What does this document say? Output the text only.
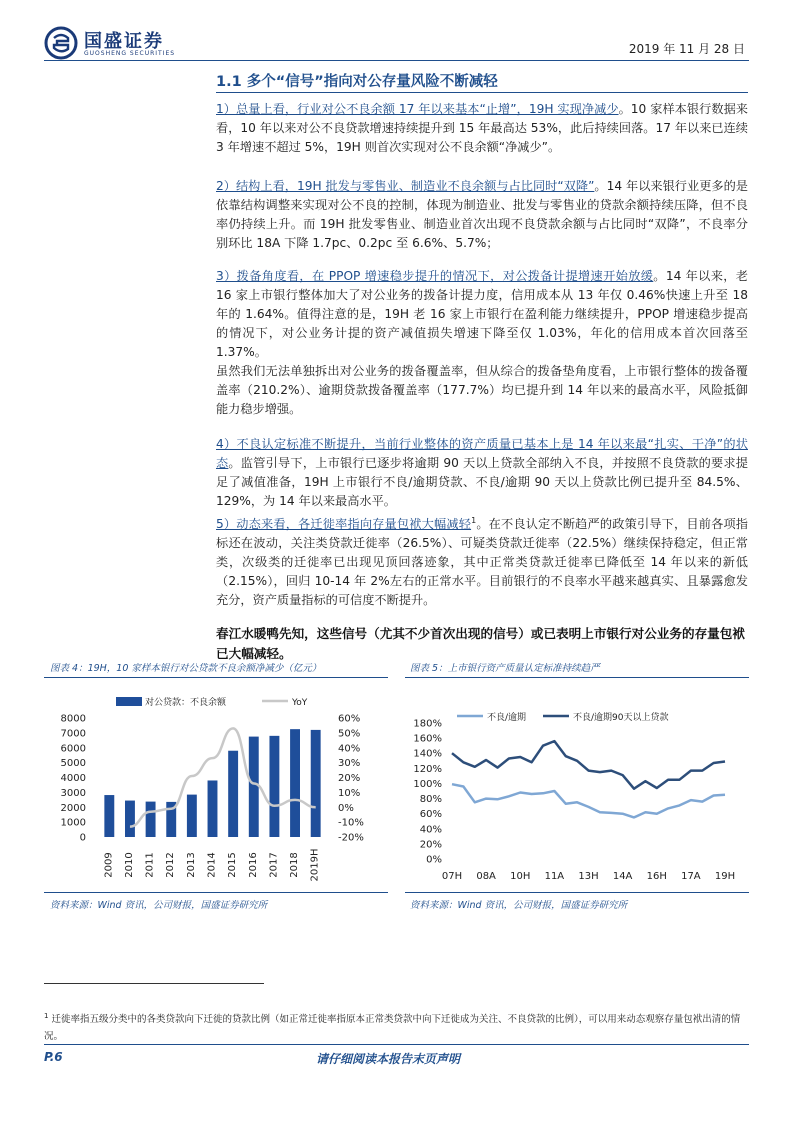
国盛证券
GUOSHENG SECURITIES	2019 年 11 月 28 日
1.1 多个“信号”指向对公存量风险不断减轻
1）总量上看，行业对公不良余额 17 年以来基本“止增”，19H 实现净减少。10 家样本银行数据来看，10 年以来对公不良贷款增速持续提升到 15 年最高达 53%，此后持续回落。17 年以来已连续 3 年增速不超过 5%，19H 则首次实现对公不良余额“净减少”。
2）结构上看，19H 批发与零售业、制造业不良余额与占比同时“双降”。14 年以来银行业更多的是依靠结构调整来实现对公不良的控制，体现为制造业、批发与零售业的贷款余额持续压降，但不良率仍持续上升。而 19H 批发零售业、制造业首次出现不良贷款余额与占比同时“双降”，不良率分别环比 18A 下降 1.7pc、0.2pc 至 6.6%、5.7%；
3）拨备角度看，在 PPOP 增速稳步提升的情况下，对公拨备计提增速开始放缓。14 年以来，老 16 家上市银行整体加大了对公业务的拨备计提力度，信用成本从 13 年仅 0.46%快速上升至 18 年的 1.64%。值得注意的是，19H 老 16 家上市银行在盈利能力继续提升，PPOP 增速稳步提高的情况下，对公业务计提的资产减值损失增速下降至仅 1.03%，年化的信用成本首次回落至 1.37%。
虽然我们无法单独拆出对公业务的拨备覆盖率，但从综合的拨备垫角度看，上市银行整体的拨备覆盖率（210.2%）、逾期贷款拨备覆盖率（177.7%）均已提升到 14 年以来的最高水平，风险抵御能力稳步增强。
4）不良认定标准不断提升，当前行业整体的资产质量已基本上是 14 年以来最“扎实、干净”的状态。监管引导下，上市银行已逐步将逾期 90 天以上贷款全部纳入不良，并按照不良贷款的要求提足了减值准备，19H 上市银行不良/逾期贷款、不良/逾期 90 天以上贷款比例已提升至 84.5%、129%，为 14 年以来最高水平。
5）动态来看，各迁徙率指向存量包袱大幅减轻$^1$。在不良认定不断趋严的政策引导下，目前各项指标还在波动，关注类贷款迁徙率（26.5%）、可疑类贷款迁徙率（22.5%）继续保持稳定，但正常类，次级类的迁徙率已出现见顶回落迹象，其中正常类贷款迁徙率已降低至 14 年以来的新低（2.15%），回归 10-14 年 2%左右的正常水平。目前银行的不良率水平越来越真实、且暴露愈发充分，资产质量指标的可信度不断提升。
春江水暖鸭先知，这些信号（尤其不少首次出现的信号）或已表明上市银行对公业务的存量包袱已大幅减轻。
图表 4：19H，10 家样本银行对公贷款不良余额净减少（亿元）	图表 5：上市银行资产质量认定标准持续趋严
对公贷款：不良余额	YoY
0
1000
2000
3000
4000
5000
6000
7000
8000
-20%
-10%
0%
10%
20%
30%
40%
50%
60%
2009 2010 2011 2012 2013 2014 2015 2016 2017 2018 2019H
不良/逾期	不良/逾期90天以上贷款
0%
20%
40%
60%
80%
100%
120%
140%
160%
180%
07H 08A 10H 11A 13H 14A 16H 17A 19H
资料来源：Wind 资讯，公司财报，国盛证券研究所	资料来源：Wind 资讯，公司财报，国盛证券研究所
$^1$ 迁徙率指五级分类中的各类贷款向下迁徙的贷款比例（如正常迁徙率指原本正常类贷款中向下迁徙成为关注、不良贷款的比例），可以用来动态观察存量包袱出清的情况。
P.6	请仔细阅读本报告末页声明
